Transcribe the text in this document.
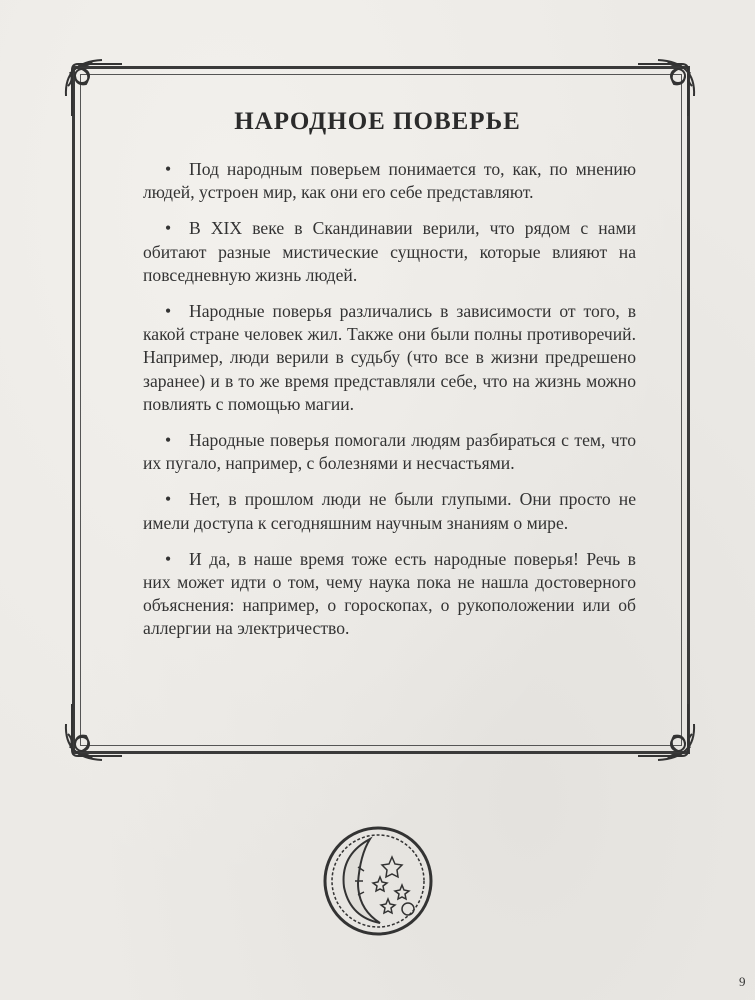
НАРОДНОЕ ПОВЕРЬЕ

• Под народным поверьем понимается то, как, по мнению людей, устроен мир, как они его себе представляют.

• В XIX веке в Скандинавии верили, что рядом с нами обитают разные мистические сущности, которые влияют на повседневную жизнь людей.

• Народные поверья различались в зависимости от того, в какой стране человек жил. Также они были полны противоречий. Например, люди верили в судьбу (что все в жизни предрешено заранее) и в то же время представляли себе, что на жизнь можно повлиять с помощью магии.

• Народные поверья помогали людям разбираться с тем, что их пугало, например, с болезнями и несчастьями.

• Нет, в прошлом люди не были глупыми. Они просто не имели доступа к сегодняшним научным знаниям о мире.

• И да, в наше время тоже есть народные поверья! Речь в них может идти о том, чему наука пока не нашла достоверного объяснения: например, о гороскопах, о рукоположении или об аллергии на электричество.

9
